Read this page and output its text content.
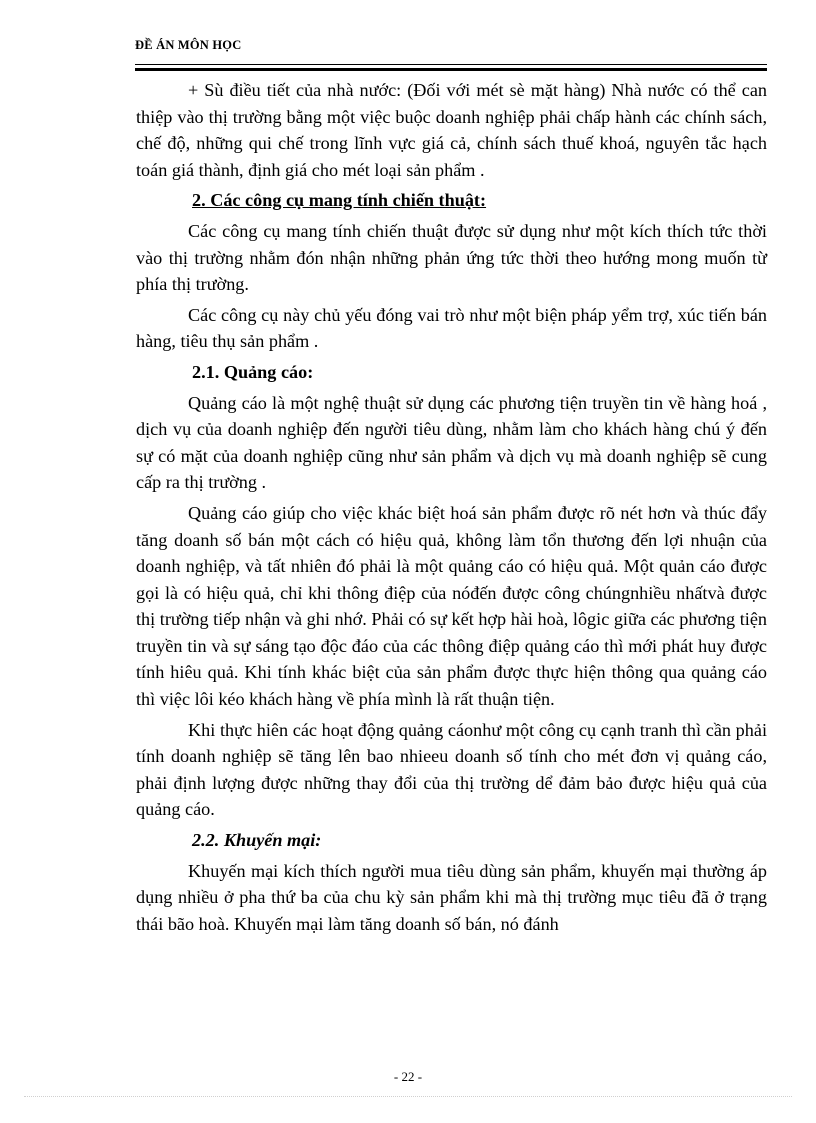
ĐỀ ÁN MÔN HỌC

+ Sù điều tiết của nhà nước: (Đối với mét sè mặt hàng) Nhà nước có thể can thiệp vào thị trường bằng một việc buộc doanh nghiệp phải chấp hành các chính sách, chế độ, những qui chế trong lĩnh vực giá cả, chính sách thuế khoá, nguyên tắc hạch toán giá thành, định giá cho mét loại sản phẩm .

2. Các công cụ mang tính chiến thuật:

Các công cụ mang tính chiến thuật được sử dụng như một kích thích tức thời vào thị trường nhằm đón nhận những phản ứng tức thời theo hướng mong muốn từ phía thị trường.

Các công cụ này chủ yếu đóng vai trò như một biện pháp yểm trợ, xúc tiến bán hàng, tiêu thụ sản phẩm .

2.1. Quảng cáo:

Quảng cáo là một nghệ thuật sử dụng các phương tiện truyền tin về hàng hoá , dịch vụ của doanh nghiệp đến người tiêu dùng, nhằm làm cho khách hàng chú ý đến sự có mặt của doanh nghiệp cũng như sản phẩm và dịch vụ mà doanh nghiệp sẽ cung cấp ra thị trường .

Quảng cáo giúp cho việc khác biệt hoá sản phẩm được rõ nét hơn và thúc đẩy tăng doanh số bán một cách có hiệu quả, không làm tổn thương đến lợi nhuận của doanh nghiệp, và tất nhiên đó phải là một quảng cáo có hiệu quả. Một quản cáo được gọi là có hiệu quả, chỉ khi thông điệp của nóđến được công chúngnhiều nhấtvà được thị trường tiếp nhận và ghi nhớ. Phải có sự kết hợp hài hoà, lôgic giữa các phương tiện truyền tin và sự sáng tạo độc đáo của các thông điệp quảng cáo thì mới phát huy được tính hiêu quả. Khi tính khác biệt của sản phẩm được thực hiện thông qua quảng cáo thì việc lôi kéo khách hàng về phía mình là rất thuận tiện.

Khi thực hiên các hoạt động quảng cáonhư một công cụ cạnh tranh thì cần phải tính doanh nghiệp sẽ tăng lên bao nhieeu doanh số tính cho mét đơn vị quảng cáo, phải định lượng được những thay đổi của thị trường dể đảm bảo được hiệu quả của quảng cáo.

2.2. Khuyến mại:

Khuyến mại kích thích người mua tiêu dùng sản phẩm, khuyến mại thường áp dụng nhiều ở pha thứ ba của chu kỳ sản phẩm khi mà thị trường mục tiêu đã ở trạng thái bão hoà. Khuyến mại làm tăng doanh số bán, nó đánh

- 22 -
